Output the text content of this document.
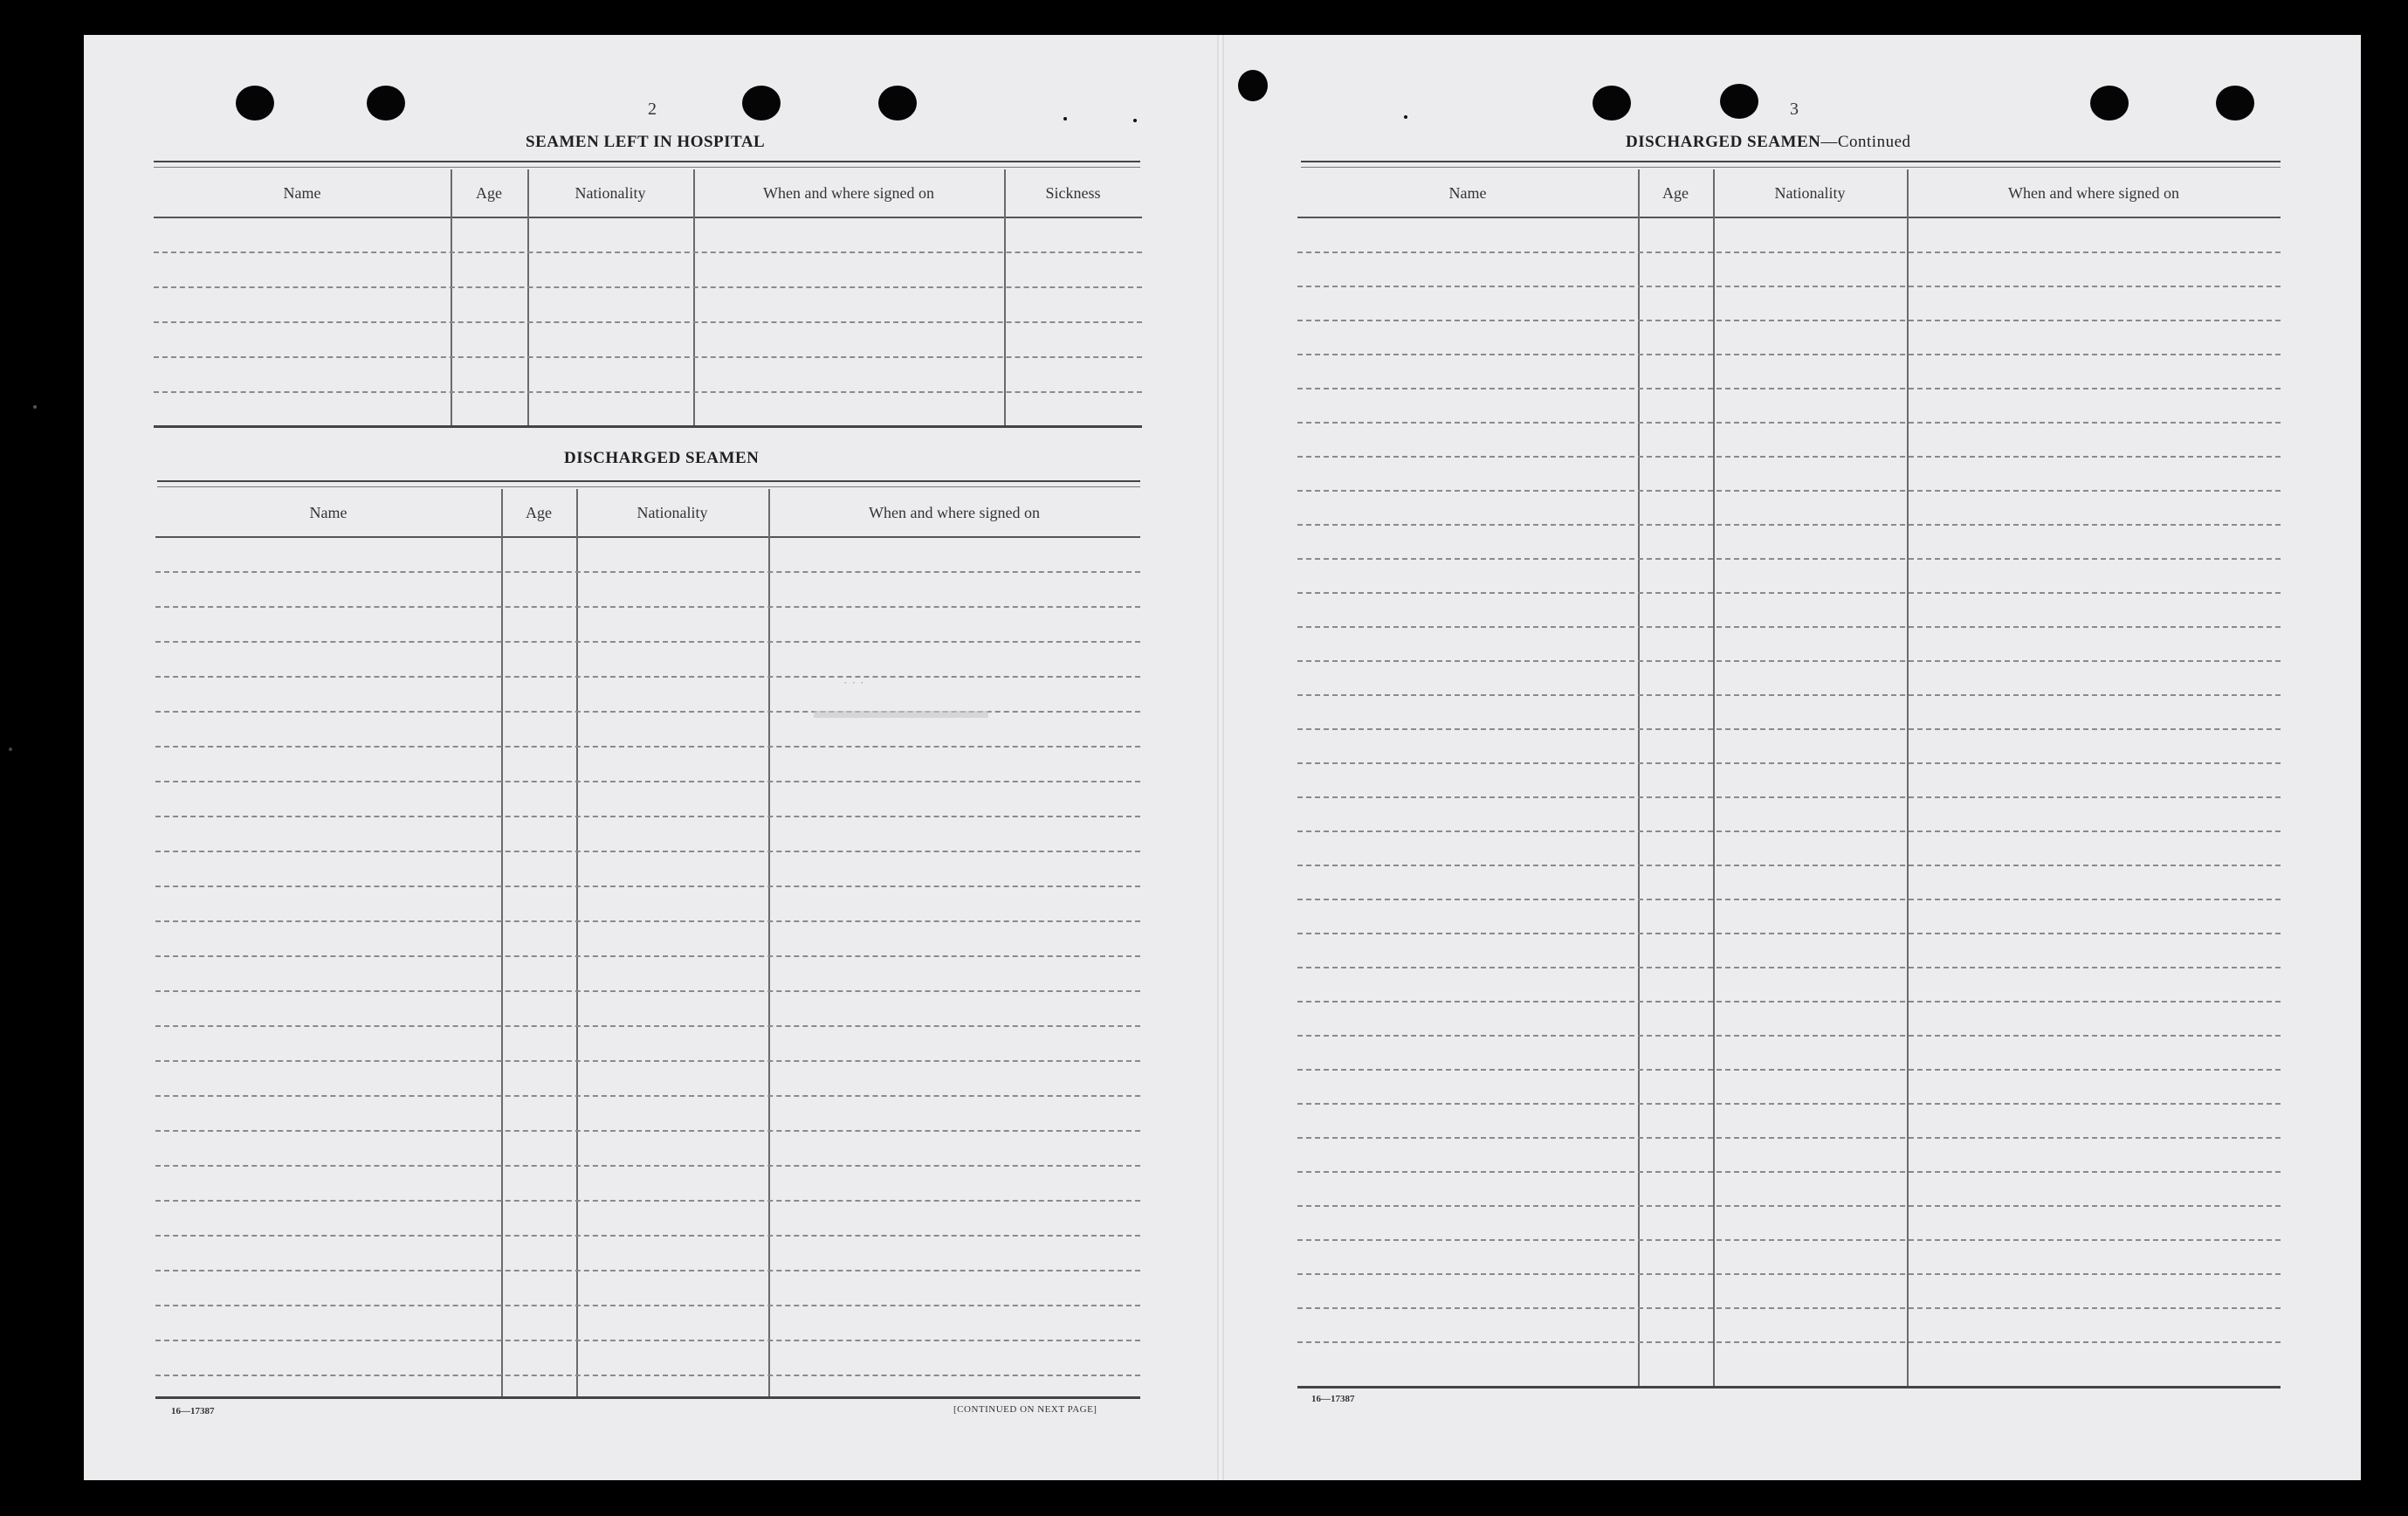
2
SEAMEN LEFT IN HOSPITAL
Name	Age	Nationality	When and where signed on	Sickness
DISCHARGED SEAMEN
Name	Age	Nationality	When and where signed on
· · ·
16—17387	[CONTINUED ON NEXT PAGE]
3
DISCHARGED SEAMEN—Continued
Name	Age	Nationality	When and where signed on
16—17387
